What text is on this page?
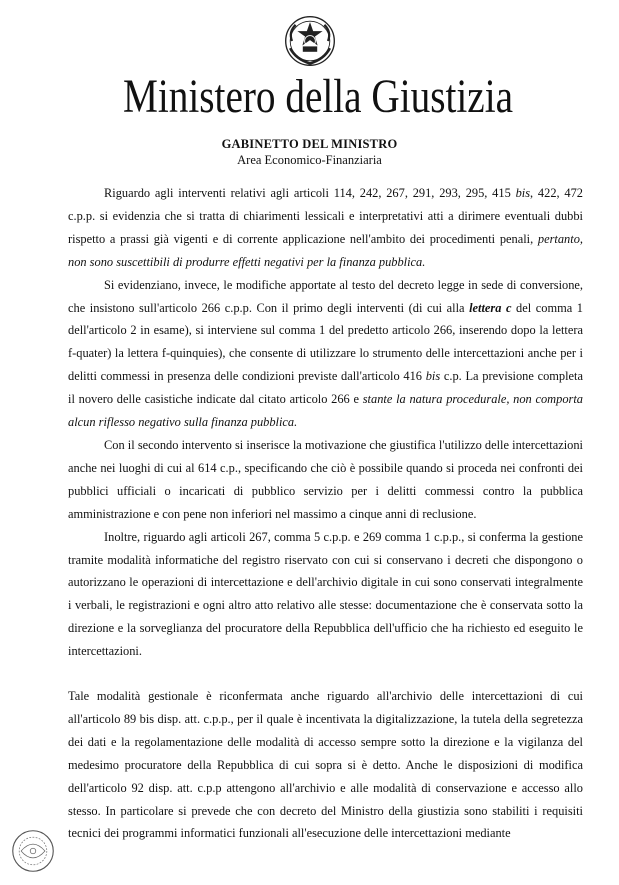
Ministero della Giustizia
GABINETTO DEL MINISTRO
Area Economico-Finanziaria

Riguardo agli interventi relativi agli articoli 114, 242, 267, 291, 293, 295, 415 bis, 422, 472 c.p.p. si evidenzia che si tratta di chiarimenti lessicali e interpretativi atti a dirimere eventuali dubbi rispetto a prassi già vigenti e di corrente applicazione nell'ambito dei procedimenti penali, pertanto, non sono suscettibili di produrre effetti negativi per la finanza pubblica.

Si evidenziano, invece, le modifiche apportate al testo del decreto legge in sede di conversione, che insistono sull'articolo 266 c.p.p. Con il primo degli interventi (di cui alla lettera c del comma 1 dell'articolo 2 in esame), si interviene sul comma 1 del predetto articolo 266, inserendo dopo la lettera f-quater) la lettera f-quinquies), che consente di utilizzare lo strumento delle intercettazioni anche per i delitti commessi in presenza delle condizioni previste dall'articolo 416 bis c.p. La previsione completa il novero delle casistiche indicate dal citato articolo 266 e stante la natura procedurale, non comporta alcun riflesso negativo sulla finanza pubblica.

Con il secondo intervento si inserisce la motivazione che giustifica l'utilizzo delle intercettazioni anche nei luoghi di cui al 614 c.p., specificando che ciò è possibile quando si proceda nei confronti dei pubblici ufficiali o incaricati di pubblico servizio per i delitti commessi contro la pubblica amministrazione e con pene non inferiori nel massimo a cinque anni di reclusione.

Inoltre, riguardo agli articoli 267, comma 5 c.p.p. e 269 comma 1 c.p.p., si conferma la gestione tramite modalità informatiche del registro riservato con cui si conservano i decreti che dispongono o autorizzano le operazioni di intercettazione e dell'archivio digitale in cui sono conservati integralmente i verbali, le registrazioni e ogni altro atto relativo alle stesse: documentazione che è conservata sotto la direzione e la sorveglianza del procuratore della Repubblica dell'ufficio che ha richiesto ed eseguito le intercettazioni.

Tale modalità gestionale è riconfermata anche riguardo all'archivio delle intercettazioni di cui all'articolo 89 bis disp. att. c.p.p., per il quale è incentivata la digitalizzazione, la tutela della segretezza dei dati e la regolamentazione delle modalità di accesso sempre sotto la direzione e la vigilanza del medesimo procuratore della Repubblica di cui sopra si è detto. Anche le disposizioni di modifica dell'articolo 92 disp. att. c.p.p attengono all'archivio e alle modalità di conservazione e accesso allo stesso. In particolare si prevede che con decreto del Ministro della giustizia sono stabiliti i requisiti tecnici dei programmi informatici funzionali all'esecuzione delle intercettazioni mediante
